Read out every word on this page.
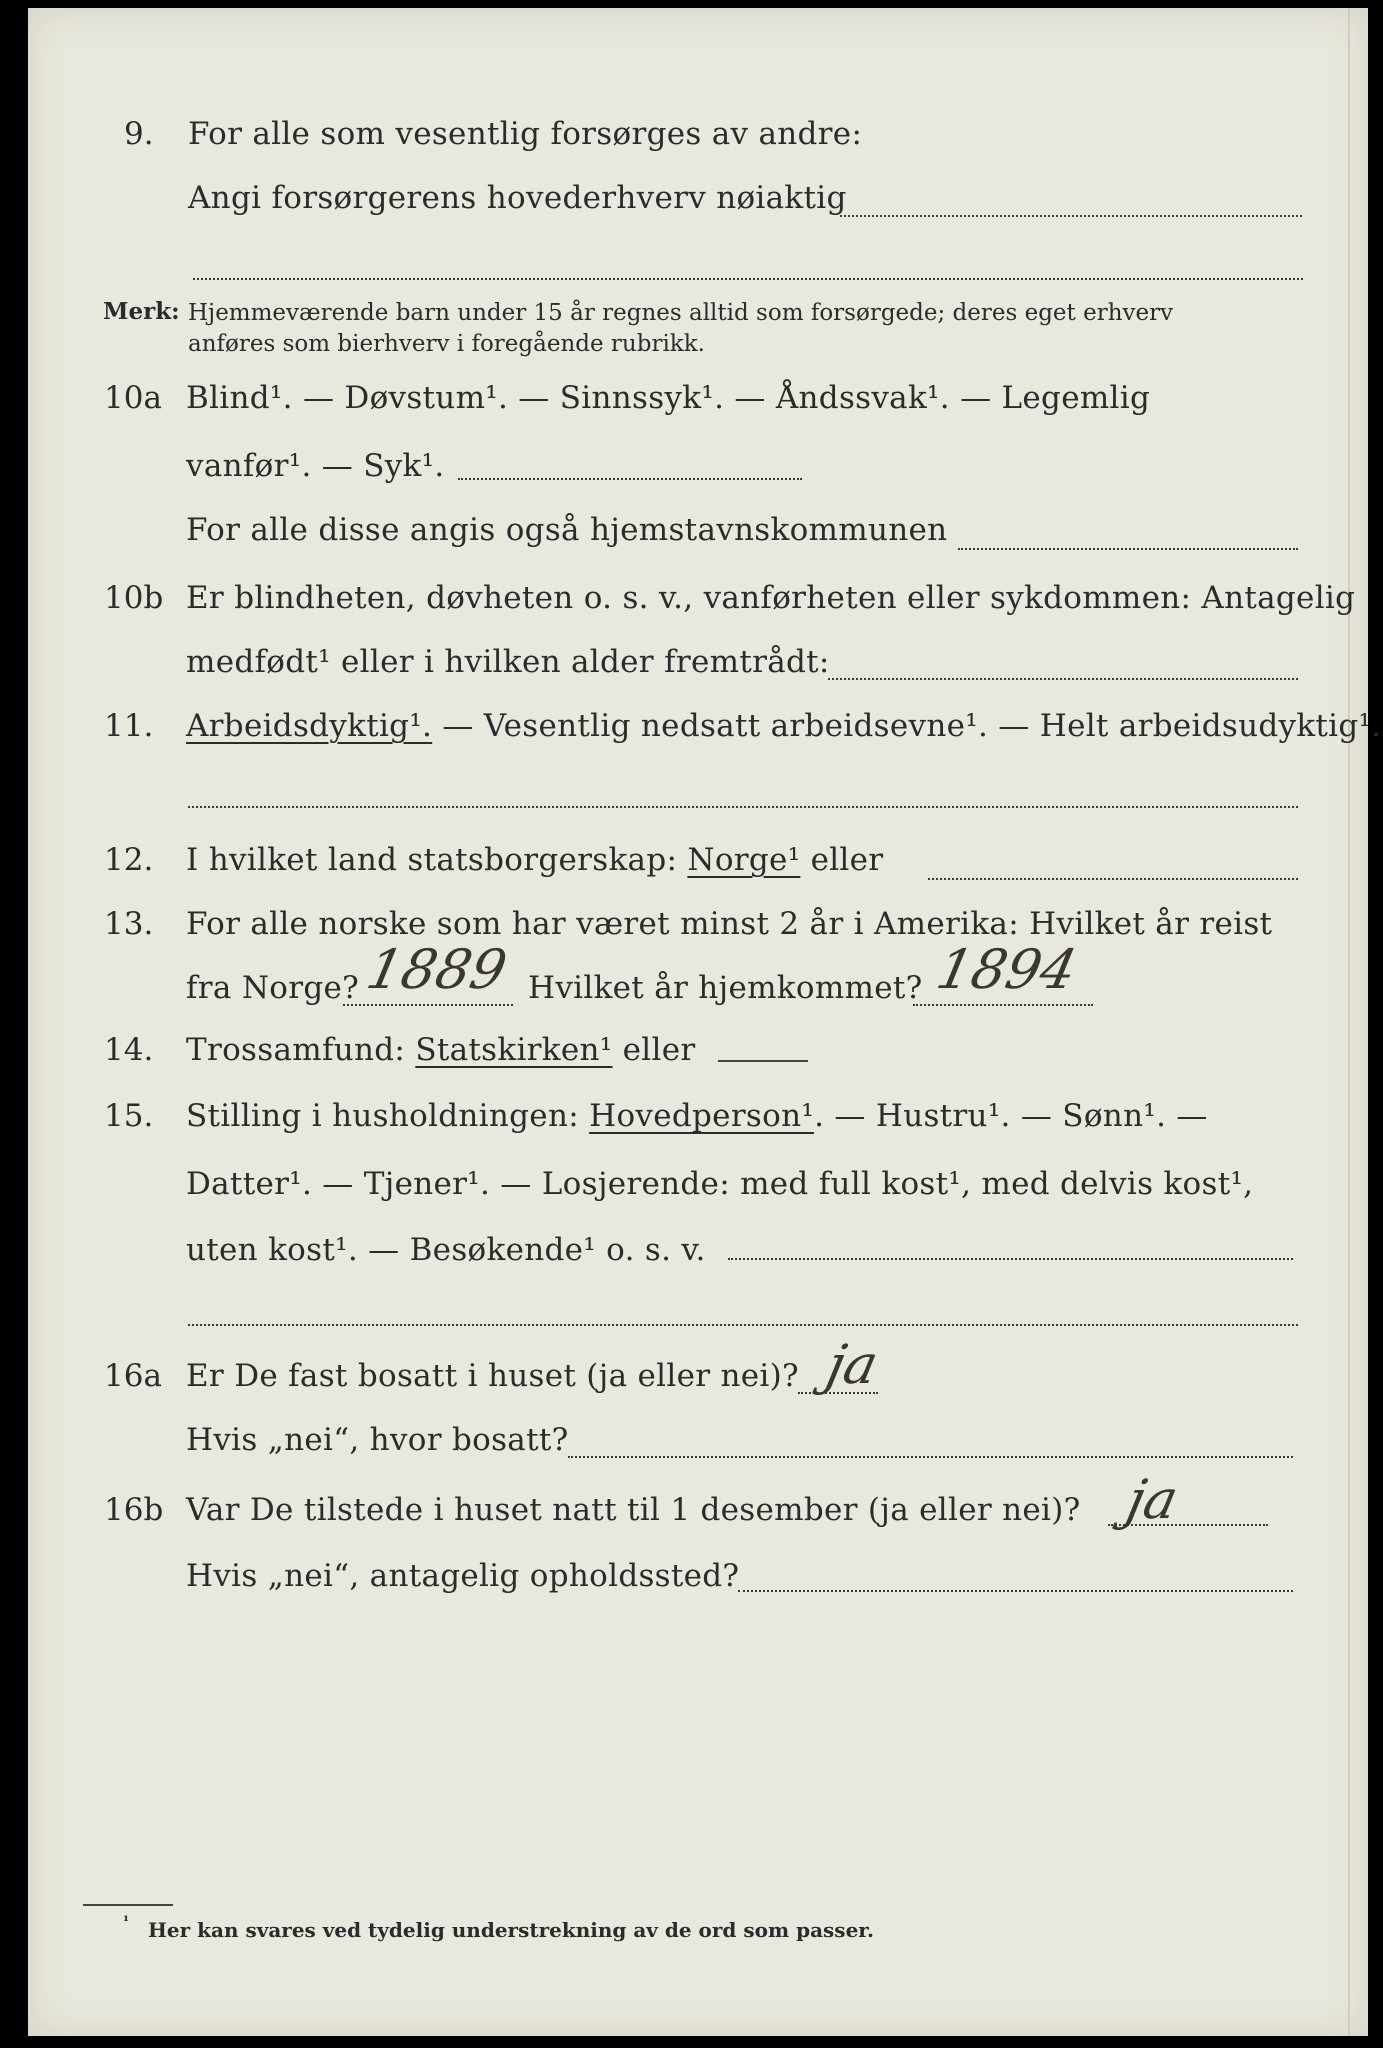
9. For alle som vesentlig forsørges av andre:
Angi forsørgerens hovederhverv nøiaktig
Merk: Hjemmeværende barn under 15 år regnes alltid som forsørgede; deres eget erhverv
anføres som bierhverv i foregående rubrikk.
10a Blind¹. — Døvstum¹. — Sinnssyk¹. — Åndssvak¹. — Legemlig
vanfør¹. — Syk¹.
For alle disse angis også hjemstavnskommunen
10b Er blindheten, døvheten o. s. v., vanførheten eller sykdommen: Antagelig
medfødt¹ eller i hvilken alder fremtrådt:
11. Arbeidsdyktig¹. — Vesentlig nedsatt arbeidsevne¹. — Helt arbeidsudyktig¹.
12. I hvilket land statsborgerskap: Norge¹ eller
13. For alle norske som har været minst 2 år i Amerika: Hvilket år reist
fra Norge? 1889 Hvilket år hjemkommet? 1894
14. Trossamfund: Statskirken¹ eller
15. Stilling i husholdningen: Hovedperson¹. — Hustru¹. — Sønn¹. —
Datter¹. — Tjener¹. — Losjerende: med full kost¹, med delvis kost¹,
uten kost¹. — Besøkende¹ o. s. v.
16a Er De fast bosatt i huset (ja eller nei)? ja
Hvis „nei“, hvor bosatt?
16b Var De tilstede i huset natt til 1 desember (ja eller nei)? ja
Hvis „nei“, antagelig opholdssted?
¹ Her kan svares ved tydelig understrekning av de ord som passer.
